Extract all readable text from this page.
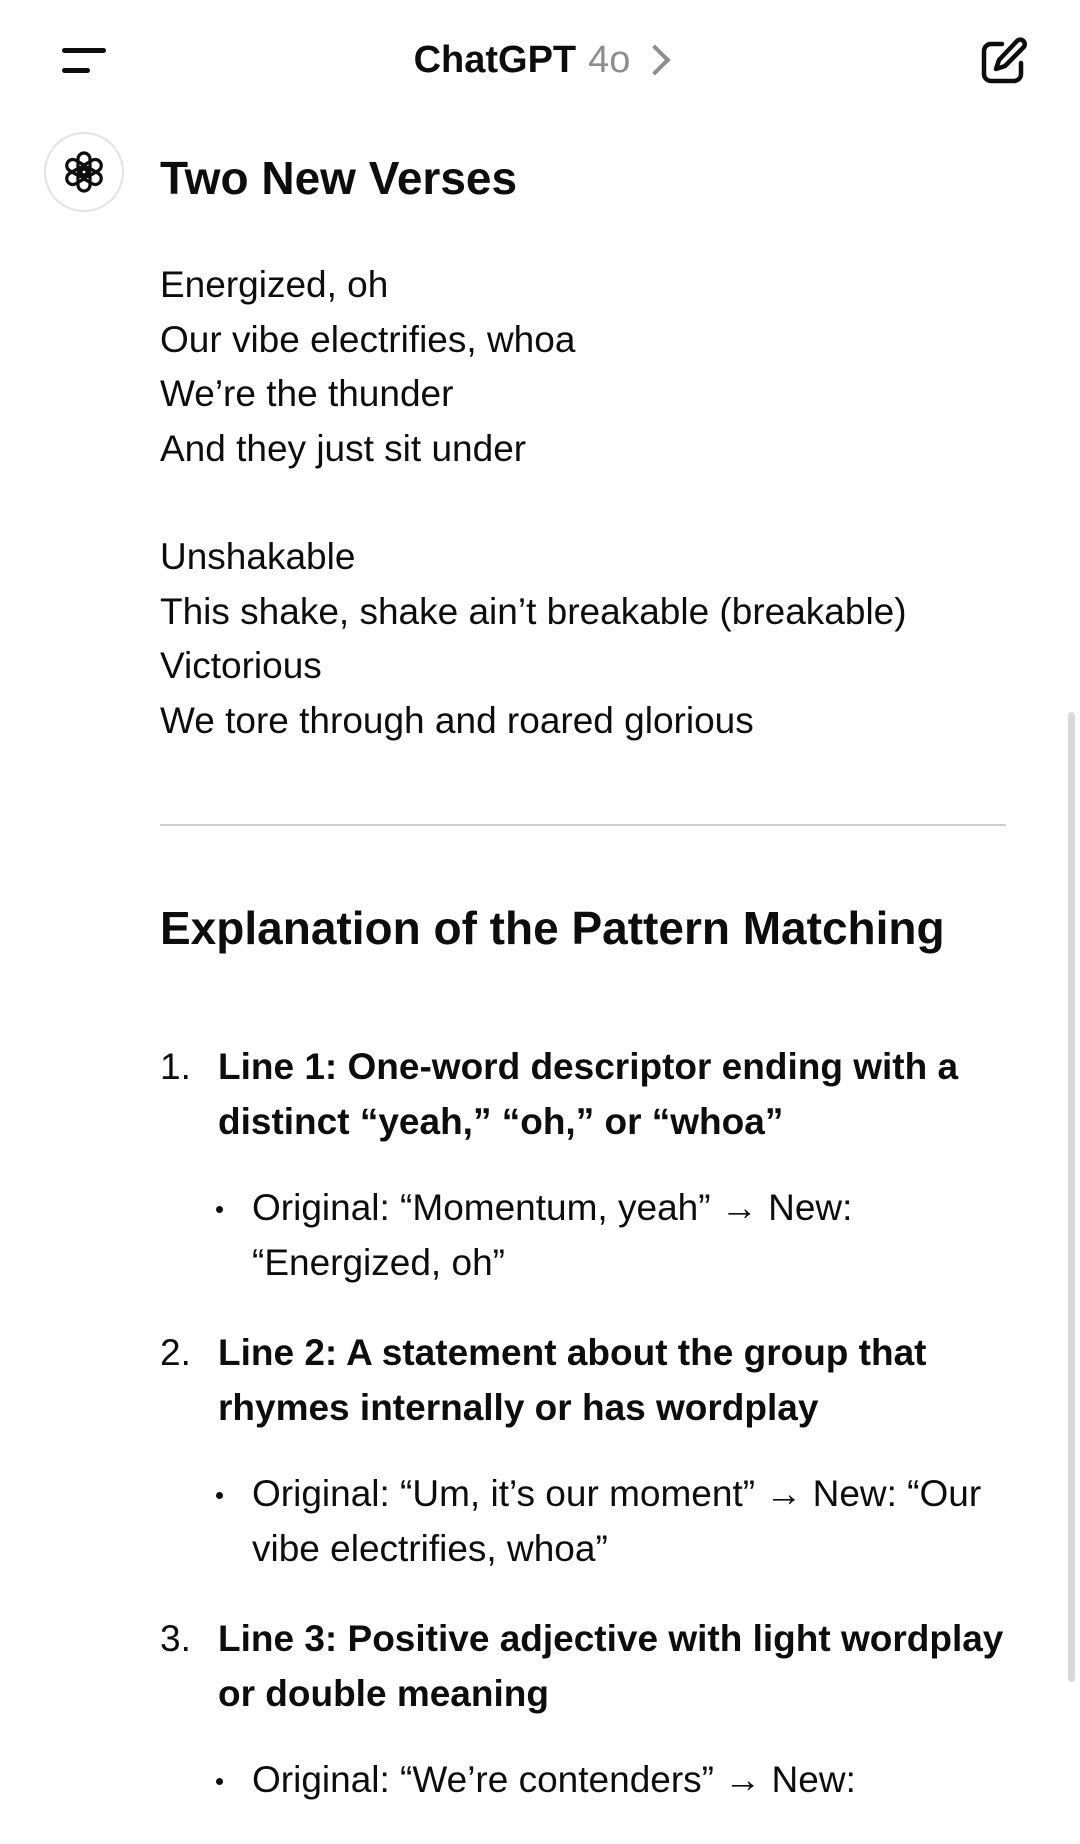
ChatGPT 4o
Two New Verses

Energized, oh
Our vibe electrifies, whoa
We’re the thunder
And they just sit under

Unshakable
This shake, shake ain’t breakable (breakable)
Victorious
We tore through and roared glorious

Explanation of the Pattern Matching
1. Line 1: One-word descriptor ending with a distinct “yeah,” “oh,” or “whoa”
Original: “Momentum, yeah” → New: “Energized, oh”
2. Line 2: A statement about the group that rhymes internally or has wordplay
Original: “Um, it’s our moment” → New: “Our vibe electrifies, whoa”
3. Line 3: Positive adjective with light wordplay or double meaning
Original: “We’re contenders” → New:
